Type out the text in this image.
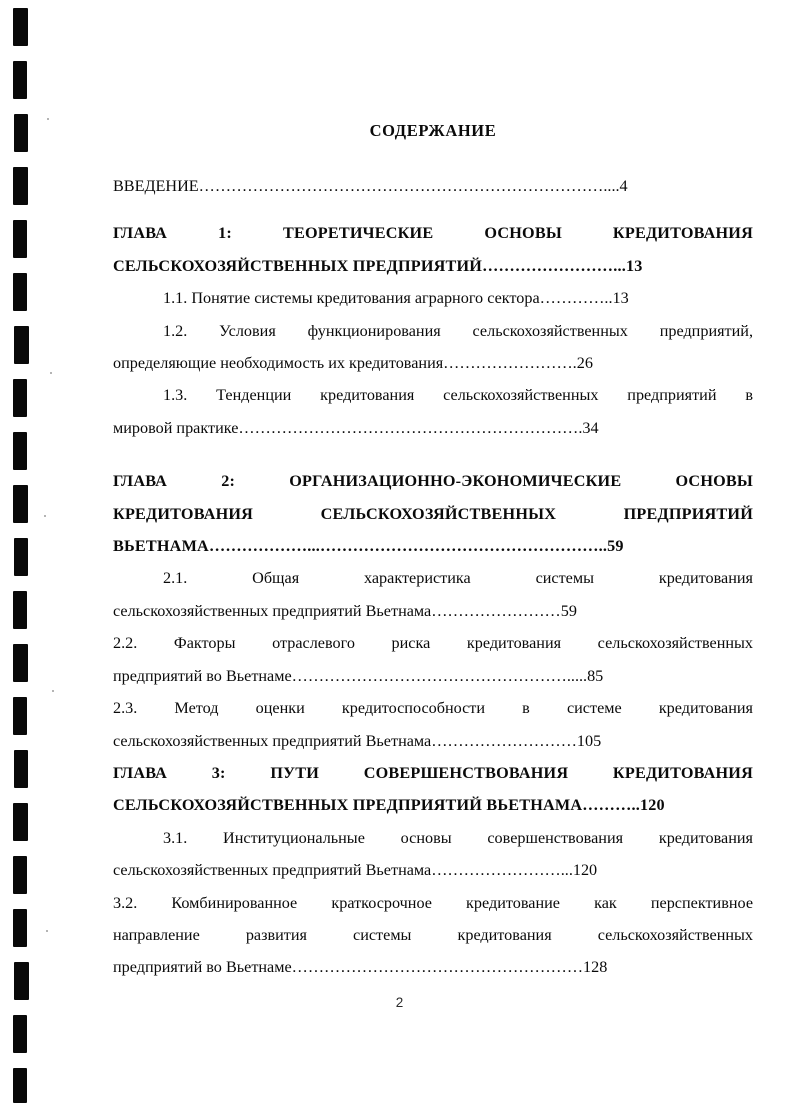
СОДЕРЖАНИЕ
ВВЕДЕНИЕ…………………………………………………………………....4
ГЛАВА 1: ТЕОРЕТИЧЕСКИЕ ОСНОВЫ КРЕДИТОВАНИЯ
СЕЛЬСКОХОЗЯЙСТВЕННЫХ ПРЕДПРИЯТИЙ……………………...13
1.1. Понятие системы кредитования аграрного сектора…………..13
1.2. Условия функционирования сельскохозяйственных предприятий,
определяющие необходимость их кредитования…………………….26
1.3. Тенденции кредитования сельскохозяйственных предприятий в
мировой практике……………………………………………………….34
ГЛАВА 2: ОРГАНИЗАЦИОННО-ЭКОНОМИЧЕСКИЕ ОСНОВЫ
КРЕДИТОВАНИЯ СЕЛЬСКОХОЗЯЙСТВЕННЫХ ПРЕДПРИЯТИЙ
ВЬЕТНАМА………………...……………………………………………..59
2.1. Общая характеристика системы кредитования
сельскохозяйственных предприятий Вьетнама……………………59
2.2. Факторы отраслевого риска кредитования сельскохозяйственных
предприятий во Вьетнаме…………………………………………….....85
2.3. Метод оценки кредитоспособности в системе кредитования
сельскохозяйственных предприятий Вьетнама………………………105
ГЛАВА 3: ПУТИ СОВЕРШЕНСТВОВАНИЯ КРЕДИТОВАНИЯ
СЕЛЬСКОХОЗЯЙСТВЕННЫХ ПРЕДПРИЯТИЙ ВЬЕТНАМА………..120
3.1. Институциональные основы совершенствования кредитования
сельскохозяйственных предприятий Вьетнама……………………...120
3.2. Комбинированное краткосрочное кредитование как перспективное
направление развития системы кредитования сельскохозяйственных
предприятий во Вьетнаме………………………………………………128
2
